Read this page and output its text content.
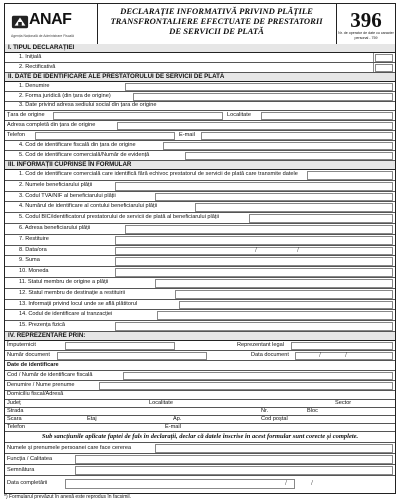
ANAF
Agenția Națională de Administrare Fiscală
DECLARAȚIE INFORMATIVĂ PRIVIND PLĂȚILE
TRANSFRONTALIERE EFECTUATE DE PRESTATORII
DE SERVICII DE PLATĂ	396
Nr. de operator de date cu caracter personal - 759
I. TIPUL DECLARAȚIEI
1. Inițială
2. Rectificativă
II. DATE DE IDENTIFICARE ALE PRESTATORULUI DE SERVICII DE PLATĂ
1. Denumire
2. Forma juridică (din țara de origine)
3. Date privind adresa sediului social din țara de origine
Țara de origine	Localitate
Adresa completă din țara de origine
Telefon	E-mail
4. Cod de identificare fiscală din țara de origine
5. Cod de identificare comercială/Număr de evidență
III. INFORMAȚII CUPRINSE ÎN FORMULAR
1. Cod de identificare comercială care identifică fără echivoc prestatorul de servicii de plată care transmite datele
2. Numele beneficiarului plății
3. Codul TVA/NIF al beneficiarului plății
4. Numărul de identificare al contului beneficiarului plății
5. Codul BIC/identificatorul prestatorului de servicii de plată al beneficiarului plății
6. Adresa beneficiarului plății
7. Restituire
8. Data/ora	/	/
9. Suma
10. Moneda
11. Statul membru de origine a plății
12. Statul membru de destinație a restituirii
13. Informații privind locul unde se află plătitorul
14. Codul de identificare al tranzacției
15. Prezența fizică
IV. REPREZENTARE PRIN:
Împuternicit	Reprezentant legal
Număr document	Data document	/	/
Date de identificare
Cod / Număr de identificare fiscală
Denumire / Nume prenume
Domiciliu fiscal/Adresă
Județ	Localitate	Sector
Strada	Nr.	Bloc
Scara	Etaj	Ap.	Cod poștal
Telefon	E-mail
Sub sancțiunile aplicate faptei de fals în declarații, declar că datele înscrise în acest formular sunt corecte și complete.
Numele și prenumele persoanei care face cererea
Funcția / Calitatea
Semnătura
Data completării	/	/
*) Formularul prevăzut în anexă este reprodus în facsimil.
